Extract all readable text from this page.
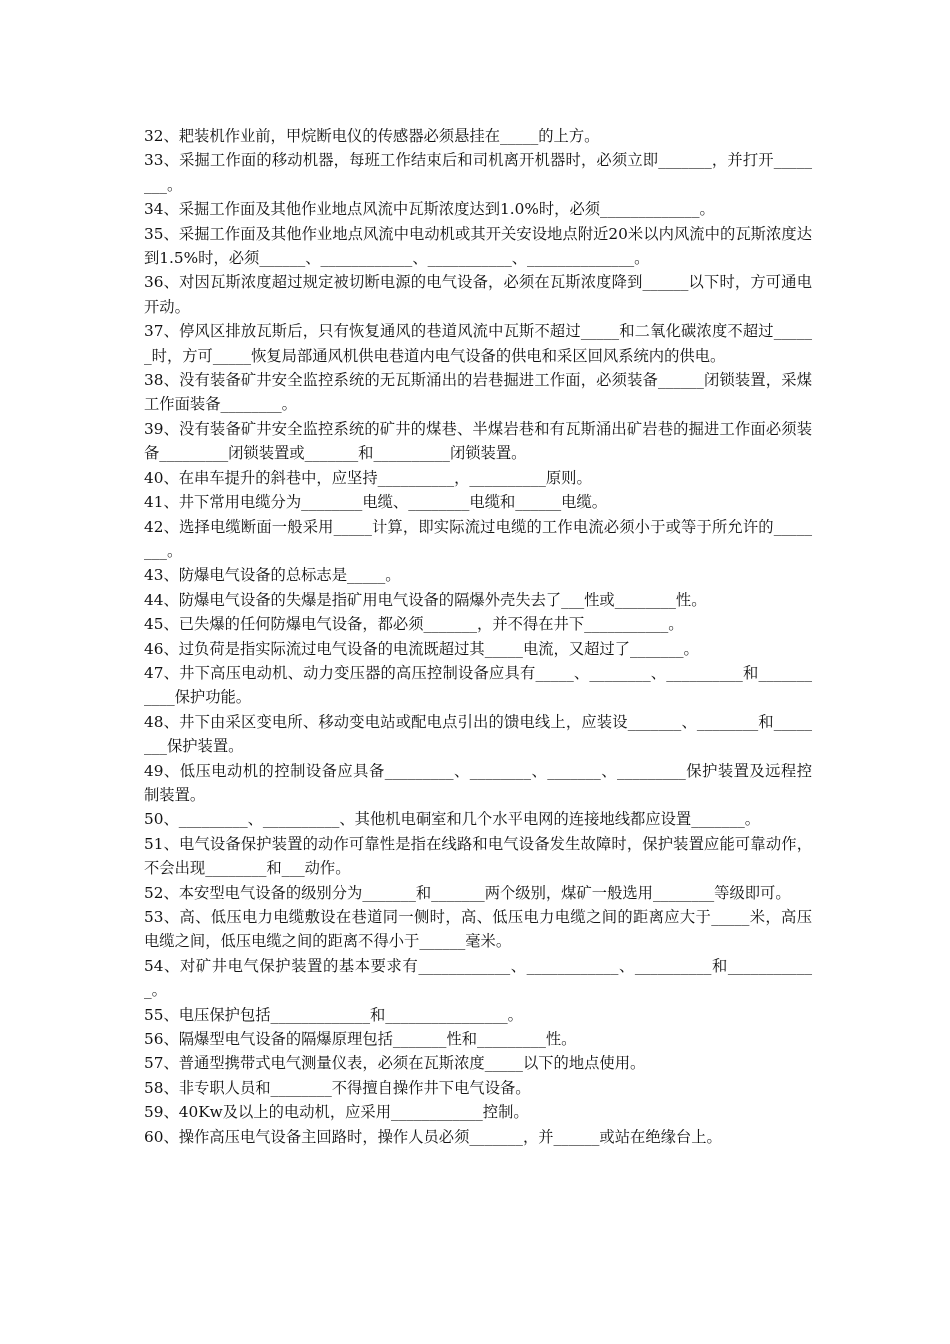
32、耙装机作业前，甲烷断电仪的传感器必须悬挂在_____的上方。

33、采掘工作面的移动机器，每班工作结束后和司机离开机器时，必须立即_______，并打开________。

34、采掘工作面及其他作业地点风流中瓦斯浓度达到1.0%时，必须_____________。

35、采掘工作面及其他作业地点风流中电动机或其开关安设地点附近20米以内风流中的瓦斯浓度达到1.5%时，必须______、____________、___________、______________。

36、对因瓦斯浓度超过规定被切断电源的电气设备，必须在瓦斯浓度降到______以下时，方可通电开动。

37、停风区排放瓦斯后，只有恢复通风的巷道风流中瓦斯不超过_____和二氧化碳浓度不超过______时，方可_____恢复局部通风机供电巷道内电气设备的供电和采区回风系统内的供电。

38、没有装备矿井安全监控系统的无瓦斯涌出的岩巷掘进工作面，必须装备______闭锁装置，采煤工作面装备________。

39、没有装备矿井安全监控系统的矿井的煤巷、半煤岩巷和有瓦斯涌出矿岩巷的掘进工作面必须装备_________闭锁装置或_______和__________闭锁装置。

40、在串车提升的斜巷中，应坚持__________，__________原则。

41、井下常用电缆分为________电缆、________电缆和______电缆。

42、选择电缆断面一般采用_____计算，即实际流过电缆的工作电流必须小于或等于所允许的________。

43、防爆电气设备的总标志是_____。

44、防爆电气设备的失爆是指矿用电气设备的隔爆外壳失去了___性或________性。

45、已失爆的任何防爆电气设备，都必须_______，并不得在井下___________。

46、过负荷是指实际流过电气设备的电流既超过其_____电流，又超过了_______。

47、井下高压电动机、动力变压器的高压控制设备应具有_____、________、__________和___________保护功能。

48、井下由采区变电所、移动变电站或配电点引出的馈电线上，应装设_______、________和________保护装置。

49、低压电动机的控制设备应具备_________、________、_______、_________保护装置及远程控制装置。

50、_________、__________、其他机电硐室和几个水平电网的连接地线都应设置_______。

51、电气设备保护装置的动作可靠性是指在线路和电气设备发生故障时，保护装置应能可靠动作，不会出现________和___动作。

52、本安型电气设备的级别分为_______和_______两个级别，煤矿一般选用________等级即可。

53、高、低压电力电缆敷设在巷道同一侧时，高、低压电力电缆之间的距离应大于_____米，高压电缆之间，低压电缆之间的距离不得小于______毫米。

54、对矿井电气保护装置的基本要求有____________、____________、__________和____________。

55、电压保护包括_____________和________________。

56、隔爆型电气设备的隔爆原理包括_______性和_________性。

57、普通型携带式电气测量仪表，必须在瓦斯浓度_____以下的地点使用。

58、非专职人员和________不得擅自操作井下电气设备。

59、40Kw及以上的电动机，应采用____________控制。

60、操作高压电气设备主回路时，操作人员必须_______，并______或站在绝缘台上。
